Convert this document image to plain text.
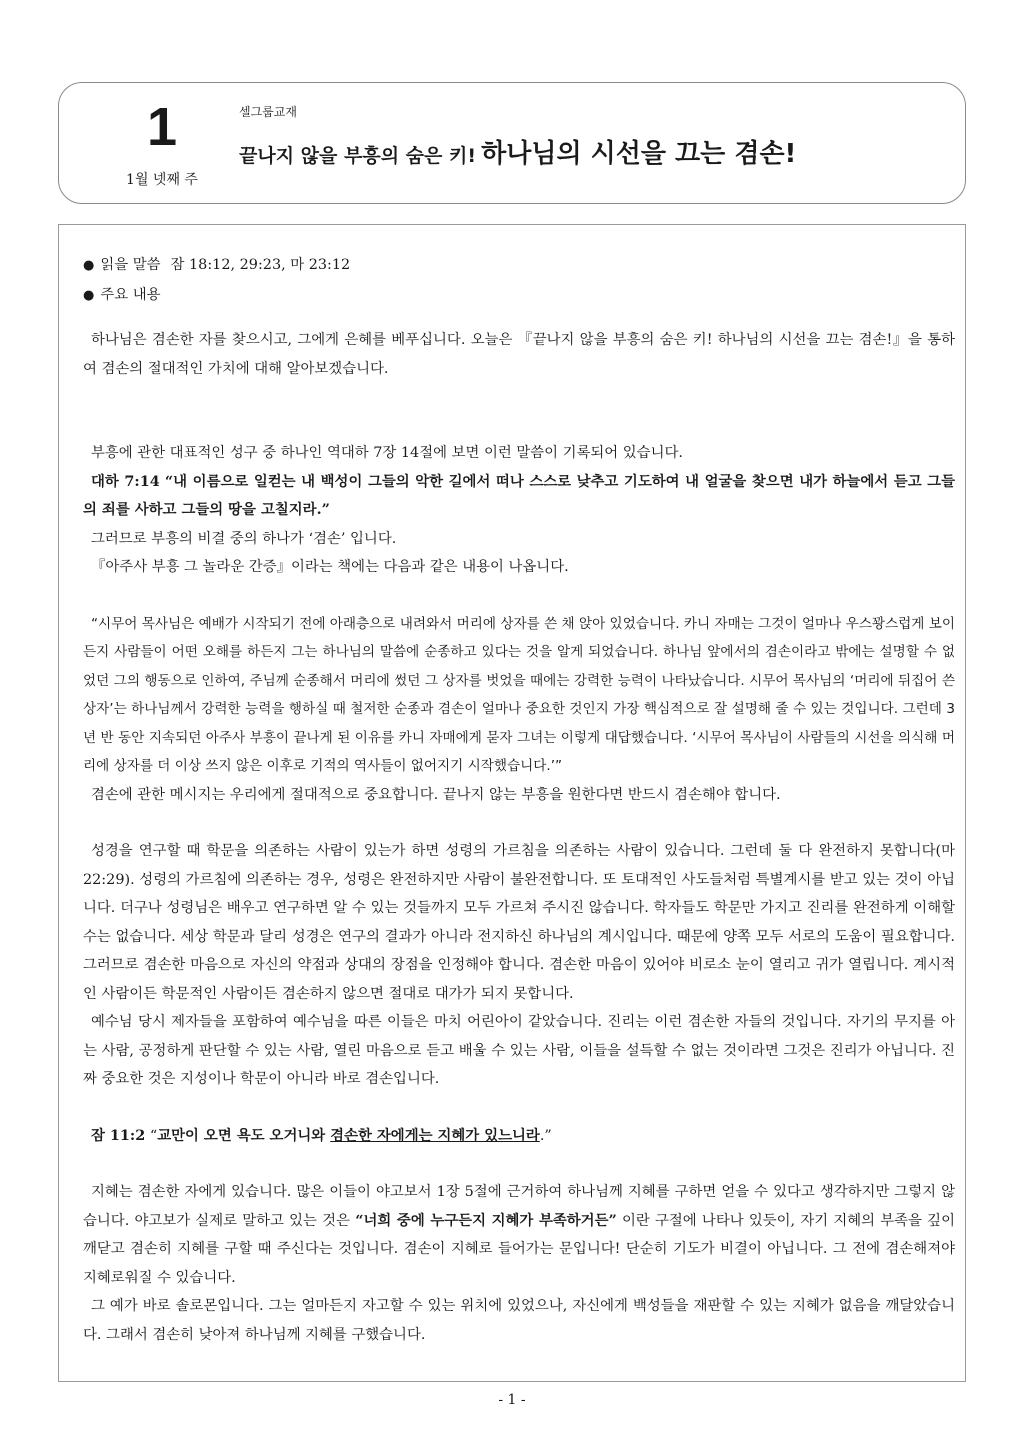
1
1월 넷째 주
셀그룹교재
끝나지 않을 부흥의 숨은 키! 하나님의 시선을 끄는 겸손!
● 읽을 말씀 잠 18:12, 29:23, 마 23:12
● 주요 내용

하나님은 겸손한 자를 찾으시고, 그에게 은혜를 베푸십니다. 오늘은 『끝나지 않을 부흥의 숨은 키! 하나님의 시선을 끄는 겸손!』을 통하여 겸손의 절대적인 가치에 대해 알아보겠습니다.

부흥에 관한 대표적인 성구 중 하나인 역대하 7장 14절에 보면 이런 말씀이 기록되어 있습니다.

대하 7:14 “내 이름으로 일컫는 내 백성이 그들의 악한 길에서 떠나 스스로 낮추고 기도하여 내 얼굴을 찾으면 내가 하늘에서 듣고 그들의 죄를 사하고 그들의 땅을 고칠지라.”

그러므로 부흥의 비결 중의 하나가 ‘겸손’ 입니다.

『아주사 부흥 그 놀라운 간증』이라는 책에는 다음과 같은 내용이 나옵니다.

“시무어 목사님은 예배가 시작되기 전에 아래층으로 내려와서 머리에 상자를 쓴 채 앉아 있었습니다. 카니 자매는 그것이 얼마나 우스꽝스럽게 보이든지 사람들이 어떤 오해를 하든지 그는 하나님의 말씀에 순종하고 있다는 것을 알게 되었습니다. 하나님 앞에서의 겸손이라고 밖에는 설명할 수 없었던 그의 행동으로 인하여, 주님께 순종해서 머리에 썼던 그 상자를 벗었을 때에는 강력한 능력이 나타났습니다. 시무어 목사님의 ‘머리에 뒤집어 쓴 상자’는 하나님께서 강력한 능력을 행하실 때 철저한 순종과 겸손이 얼마나 중요한 것인지 가장 핵심적으로 잘 설명해 줄 수 있는 것입니다. 그런데 3년 반 동안 지속되던 아주사 부흥이 끝나게 된 이유를 카니 자매에게 묻자 그녀는 이렇게 대답했습니다. ‘시무어 목사님이 사람들의 시선을 의식해 머리에 상자를 더 이상 쓰지 않은 이후로 기적의 역사들이 없어지기 시작했습니다.’”

겸손에 관한 메시지는 우리에게 절대적으로 중요합니다. 끝나지 않는 부흥을 원한다면 반드시 겸손해야 합니다.

성경을 연구할 때 학문을 의존하는 사람이 있는가 하면 성령의 가르침을 의존하는 사람이 있습니다. 그런데 둘 다 완전하지 못합니다(마 22:29). 성령의 가르침에 의존하는 경우, 성령은 완전하지만 사람이 불완전합니다. 또 토대적인 사도들처럼 특별계시를 받고 있는 것이 아닙니다. 더구나 성령님은 배우고 연구하면 알 수 있는 것들까지 모두 가르쳐 주시진 않습니다. 학자들도 학문만 가지고 진리를 완전하게 이해할 수는 없습니다. 세상 학문과 달리 성경은 연구의 결과가 아니라 전지하신 하나님의 계시입니다. 때문에 양쪽 모두 서로의 도움이 필요합니다. 그러므로 겸손한 마음으로 자신의 약점과 상대의 장점을 인정해야 합니다. 겸손한 마음이 있어야 비로소 눈이 열리고 귀가 열립니다. 계시적인 사람이든 학문적인 사람이든 겸손하지 않으면 절대로 대가가 되지 못합니다.

예수님 당시 제자들을 포함하여 예수님을 따른 이들은 마치 어린아이 같았습니다. 진리는 이런 겸손한 자들의 것입니다. 자기의 무지를 아는 사람, 공정하게 판단할 수 있는 사람, 열린 마음으로 듣고 배울 수 있는 사람, 이들을 설득할 수 없는 것이라면 그것은 진리가 아닙니다. 진짜 중요한 것은 지성이나 학문이 아니라 바로 겸손입니다.

잠 11:2 “교만이 오면 욕도 오거니와 겸손한 자에게는 지혜가 있느니라.”

지혜는 겸손한 자에게 있습니다. 많은 이들이 야고보서 1장 5절에 근거하여 하나님께 지혜를 구하면 얻을 수 있다고 생각하지만 그렇지 않습니다. 야고보가 실제로 말하고 있는 것은 “너희 중에 누구든지 지혜가 부족하거든” 이란 구절에 나타나 있듯이, 자기 지혜의 부족을 깊이 깨닫고 겸손히 지혜를 구할 때 주신다는 것입니다. 겸손이 지혜로 들어가는 문입니다! 단순히 기도가 비결이 아닙니다. 그 전에 겸손해져야 지혜로워질 수 있습니다.

그 예가 바로 솔로몬입니다. 그는 얼마든지 자고할 수 있는 위치에 있었으나, 자신에게 백성들을 재판할 수 있는 지혜가 없음을 깨달았습니다. 그래서 겸손히 낮아져 하나님께 지혜를 구했습니다.

- 1 -
